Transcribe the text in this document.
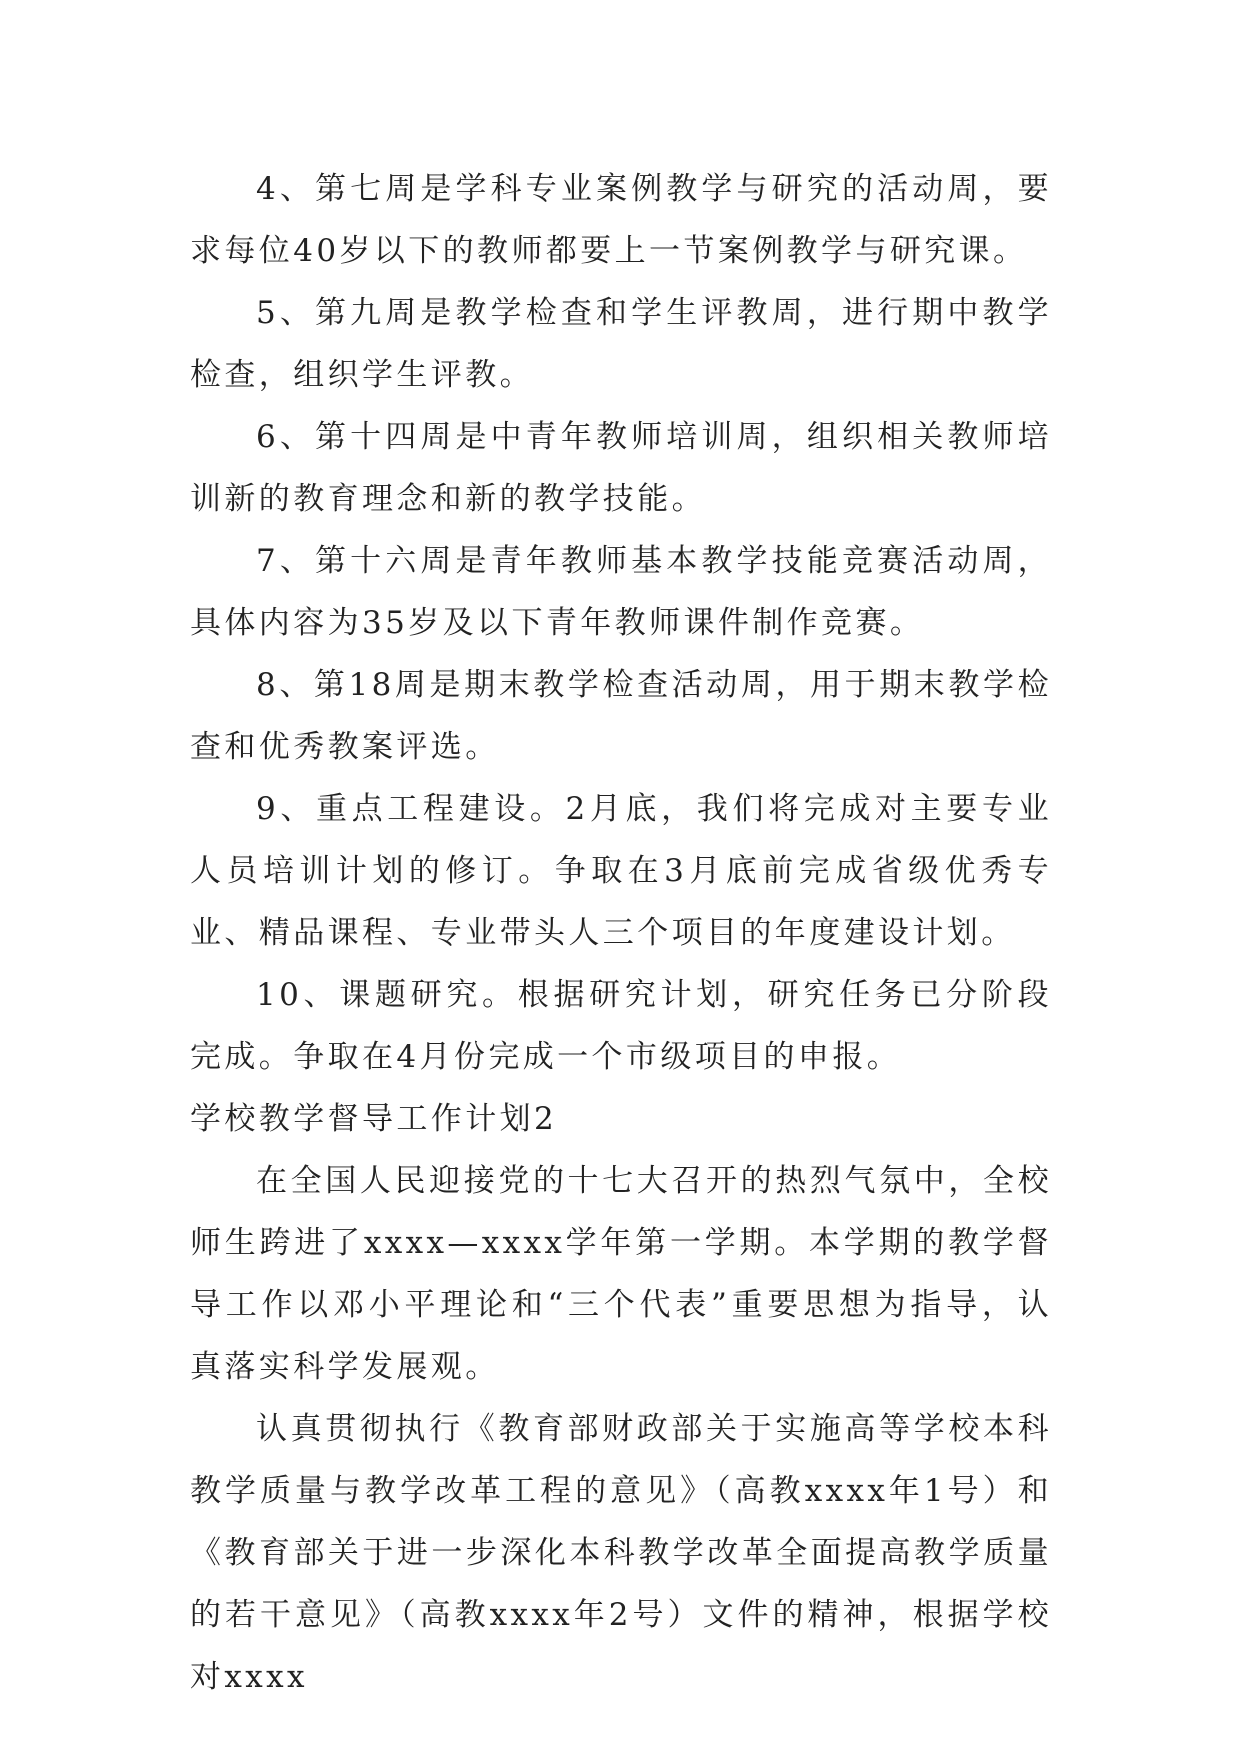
4、第七周是学科专业案例教学与研究的活动周，要求每位40岁以下的教师都要上一节案例教学与研究课。

5、第九周是教学检查和学生评教周，进行期中教学检查，组织学生评教。

6、第十四周是中青年教师培训周，组织相关教师培训新的教育理念和新的教学技能。

7、第十六周是青年教师基本教学技能竞赛活动周，具体内容为35岁及以下青年教师课件制作竞赛。

8、第18周是期末教学检查活动周，用于期末教学检查和优秀教案评选。

9、重点工程建设。2月底，我们将完成对主要专业人员培训计划的修订。争取在3月底前完成省级优秀专业、精品课程、专业带头人三个项目的年度建设计划。

10、课题研究。根据研究计划，研究任务已分阶段完成。争取在4月份完成一个市级项目的申报。

学校教学督导工作计划2

在全国人民迎接党的十七大召开的热烈气氛中，全校师生跨进了xxxx—xxxx学年第一学期。本学期的教学督导工作以邓小平理论和“三个代表”重要思想为指导，认真落实科学发展观。

认真贯彻执行《教育部财政部关于实施高等学校本科教学质量与教学改革工程的意见》（高教xxxx年1号）和《教育部关于进一步深化本科教学改革全面提高教学质量的若干意见》（高教xxxx年2号）文件的精神，根据学校对xxxx
